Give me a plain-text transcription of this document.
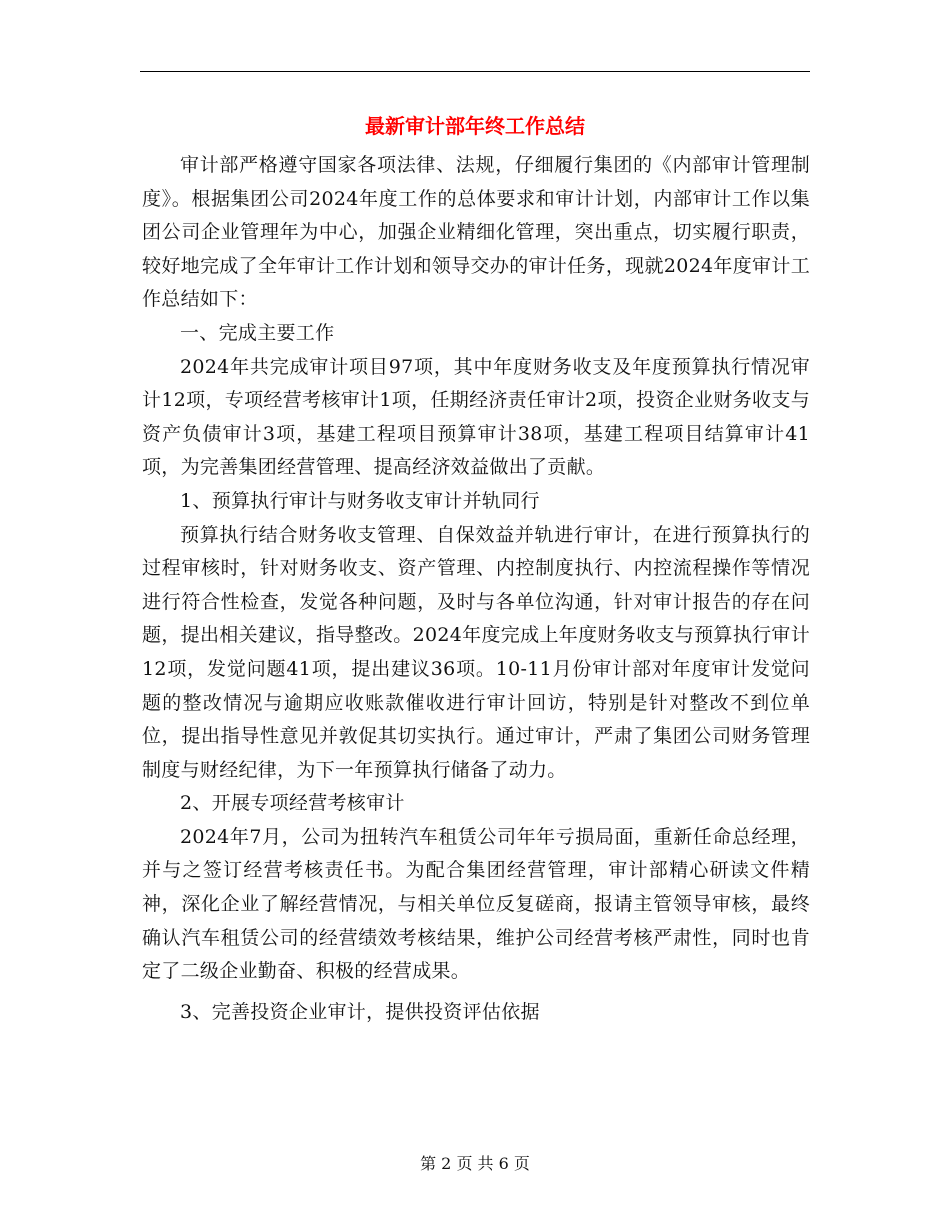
最新审计部年终工作总结

审计部严格遵守国家各项法律、法规，仔细履行集团的《内部审计管理制度》。根据集团公司2024年度工作的总体要求和审计计划，内部审计工作以集团公司企业管理年为中心，加强企业精细化管理，突出重点，切实履行职责，较好地完成了全年审计工作计划和领导交办的审计任务，现就2024年度审计工作总结如下：

一、完成主要工作

2024年共完成审计项目97项，其中年度财务收支及年度预算执行情况审计12项，专项经营考核审计1项，任期经济责任审计2项，投资企业财务收支与资产负债审计3项，基建工程项目预算审计38项，基建工程项目结算审计41项，为完善集团经营管理、提高经济效益做出了贡献。

1、预算执行审计与财务收支审计并轨同行

预算执行结合财务收支管理、自保效益并轨进行审计，在进行预算执行的过程审核时，针对财务收支、资产管理、内控制度执行、内控流程操作等情况进行符合性检查，发觉各种问题，及时与各单位沟通，针对审计报告的存在问题，提出相关建议，指导整改。2024年度完成上年度财务收支与预算执行审计12项，发觉问题41项，提出建议36项。10-11月份审计部对年度审计发觉问题的整改情况与逾期应收账款催收进行审计回访，特别是针对整改不到位单位，提出指导性意见并敦促其切实执行。通过审计，严肃了集团公司财务管理制度与财经纪律，为下一年预算执行储备了动力。

2、开展专项经营考核审计

2024年7月，公司为扭转汽车租赁公司年年亏损局面，重新任命总经理，并与之签订经营考核责任书。为配合集团经营管理，审计部精心研读文件精神，深化企业了解经营情况，与相关单位反复磋商，报请主管领导审核，最终确认汽车租赁公司的经营绩效考核结果，维护公司经营考核严肃性，同时也肯定了二级企业勤奋、积极的经营成果。

3、完善投资企业审计，提供投资评估依据

第 2 页 共 6 页
